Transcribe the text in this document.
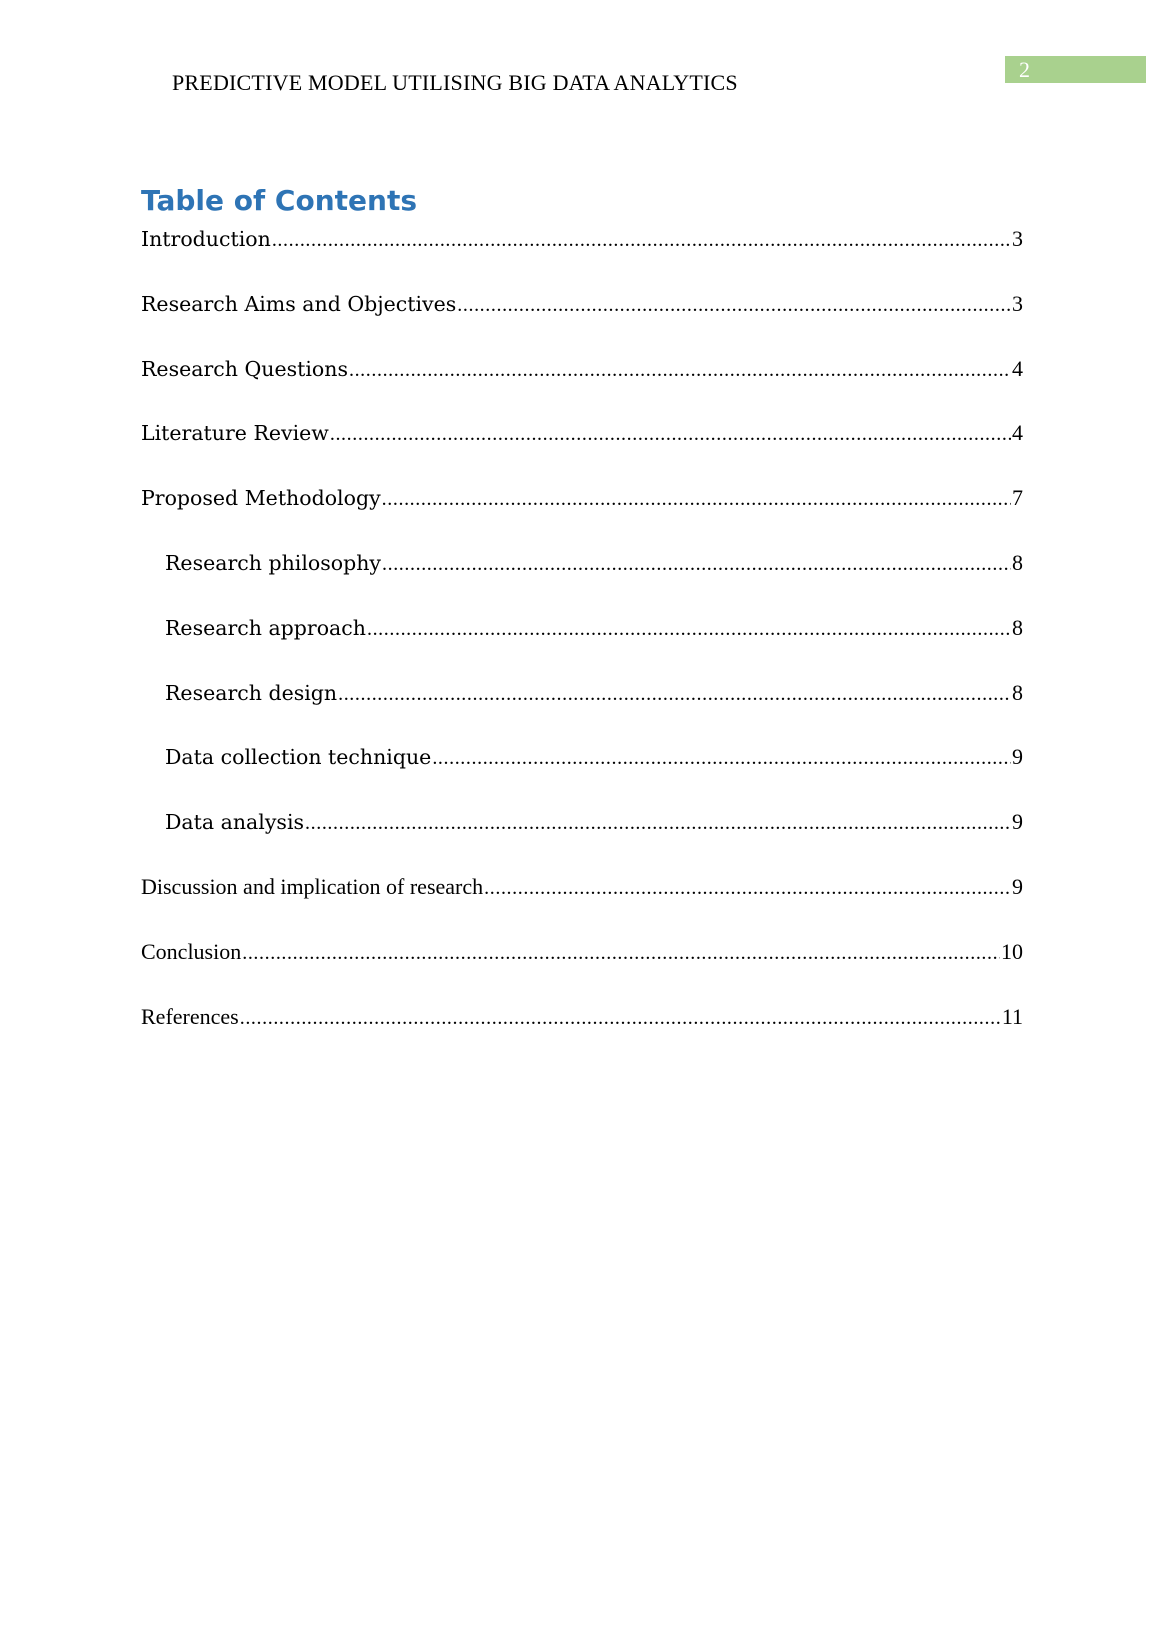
PREDICTIVE MODEL UTILISING BIG DATA ANALYTICS
2
Table of Contents
Introduction .....	3
Research Aims and Objectives .....	3
Research Questions .....	4
Literature Review .....	4
Proposed Methodology .....	7
Research philosophy .....	8
Research approach .....	8
Research design .....	8
Data collection technique .....	9
Data analysis .....	9
Discussion and implication of research .....	9
Conclusion .....	10
References .....	11
